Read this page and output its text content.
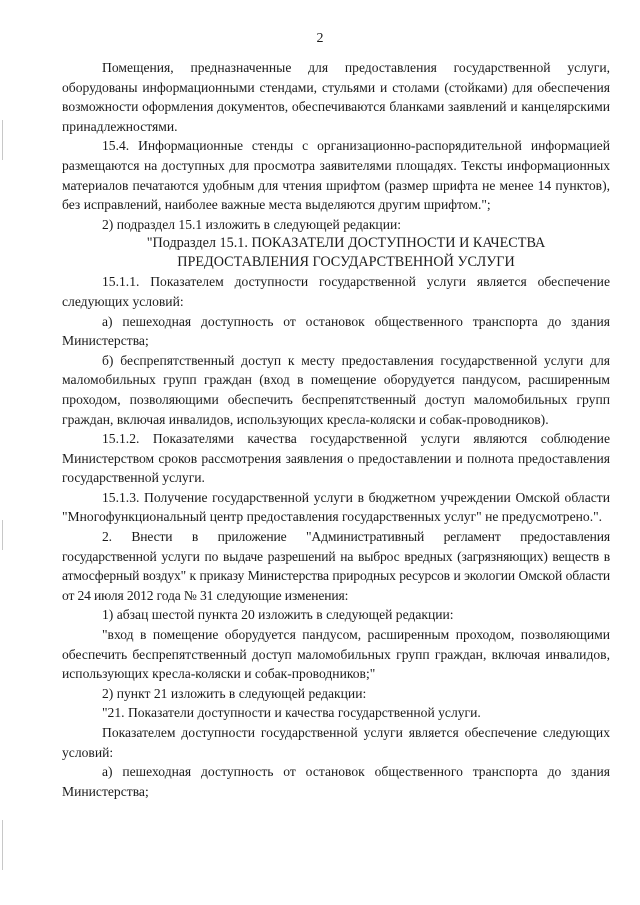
2

Помещения, предназначенные для предоставления государственной услуги, оборудованы информационными стендами, стульями и столами (стойками) для обеспечения возможности оформления документов, обеспечиваются бланками заявлений и канцелярскими принадлежностями.

15.4. Информационные стенды с организационно-распорядительной информацией размещаются на доступных для просмотра заявителями площадях. Тексты информационных материалов печатаются удобным для чтения шрифтом (размер шрифта не менее 14 пунктов), без исправлений, наиболее важные места выделяются другим шрифтом.";

2) подраздел 15.1 изложить в следующей редакции:

"Подраздел 15.1. ПОКАЗАТЕЛИ ДОСТУПНОСТИ И КАЧЕСТВА ПРЕДОСТАВЛЕНИЯ ГОСУДАРСТВЕННОЙ УСЛУГИ

15.1.1. Показателем доступности государственной услуги является обеспечение следующих условий:

а) пешеходная доступность от остановок общественного транспорта до здания Министерства;

б) беспрепятственный доступ к месту предоставления государственной услуги для маломобильных групп граждан (вход в помещение оборудуется пандусом, расширенным проходом, позволяющими обеспечить беспрепятственный доступ маломобильных групп граждан, включая инвалидов, использующих кресла-коляски и собак-проводников).

15.1.2. Показателями качества государственной услуги являются соблюдение Министерством сроков рассмотрения заявления о предоставлении и полнота предоставления государственной услуги.

15.1.3. Получение государственной услуги в бюджетном учреждении Омской области "Многофункциональный центр предоставления государственных услуг" не предусмотрено.".

2. Внести в приложение "Административный регламент предоставления государственной услуги по выдаче разрешений на выброс вредных (загрязняющих) веществ в атмосферный воздух" к приказу Министерства природных ресурсов и экологии Омской области от 24 июля 2012 года № 31 следующие изменения:

1) абзац шестой пункта 20 изложить в следующей редакции:

"вход в помещение оборудуется пандусом, расширенным проходом, позволяющими обеспечить беспрепятственный доступ маломобильных групп граждан, включая инвалидов, использующих кресла-коляски и собак-проводников;"

2) пункт 21 изложить в следующей редакции:

"21. Показатели доступности и качества государственной услуги.

Показателем доступности государственной услуги является обеспечение следующих условий:

а) пешеходная доступность от остановок общественного транспорта до здания Министерства;
